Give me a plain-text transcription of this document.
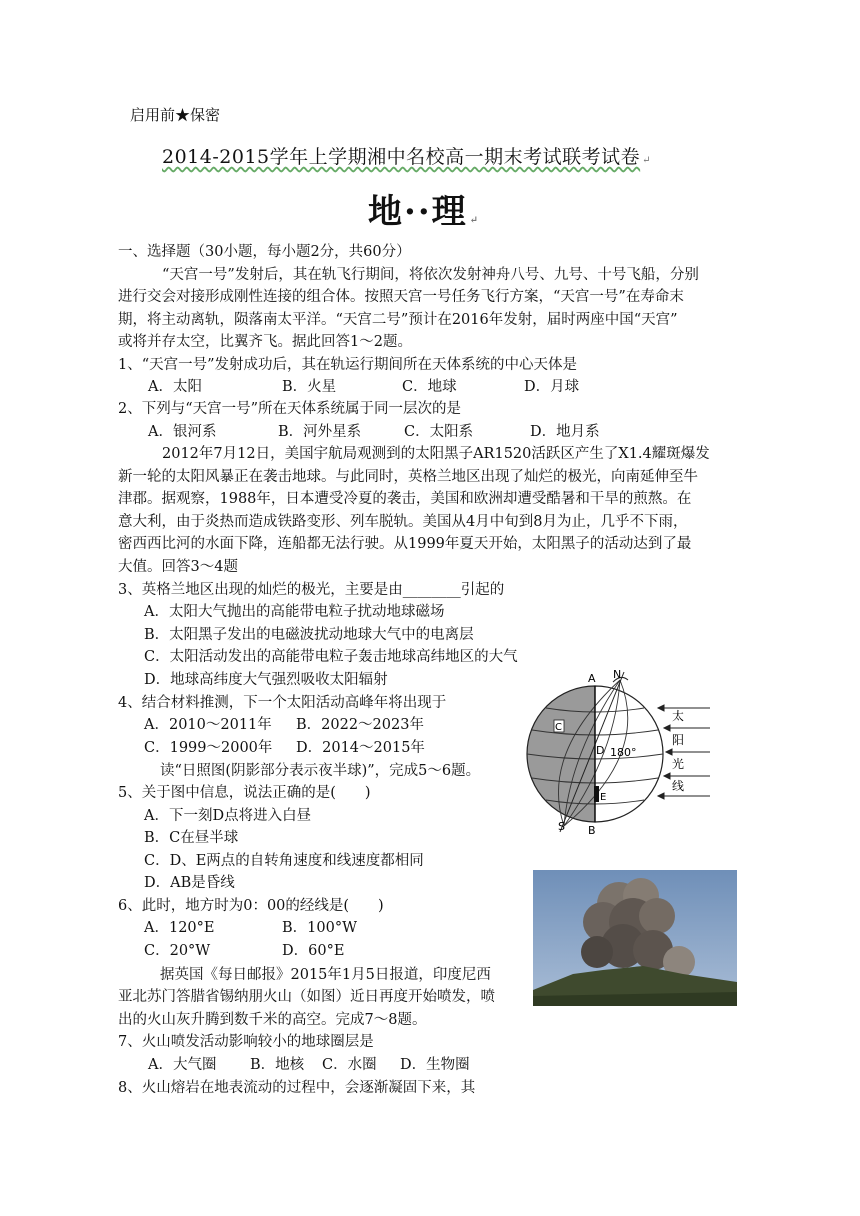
启用前★保密
2014-2015学年上学期湘中名校高一期末考试联考试卷 ↵
地··理 ↵
一、选择题（30小题，每小题2分，共60分）
“天宫一号”发射后，其在轨飞行期间，将依次发射神舟八号、九号、十号飞船，分别
进行交会对接形成刚性连接的组合体。按照天宫一号任务飞行方案，“天宫一号”在寿命末
期，将主动离轨，陨落南太平洋。“天宫二号”预计在2016年发射，届时两座中国“天宫”
或将并存太空，比翼齐飞。据此回答1～2题。
1、“天宫一号”发射成功后，其在轨运行期间所在天体系统的中心天体是
A．太阳	B．火星	C．地球	D．月球
2、下列与“天宫一号”所在天体系统属于同一层次的是
A．银河系	B．河外星系	C．太阳系	D．地月系
2012年7月12日，美国宇航局观测到的太阳黑子AR1520活跃区产生了X1.4耀斑爆发
新一轮的太阳风暴正在袭击地球。与此同时，英格兰地区出现了灿烂的极光，向南延伸至牛
津郡。据观察，1988年，日本遭受冷夏的袭击，美国和欧洲却遭受酷暑和干旱的煎熬。在
意大利，由于炎热而造成铁路变形、列车脱轨。美国从4月中旬到8月为止，几乎不下雨，
密西西比河的水面下降，连船都无法行驶。从1999年夏天开始，太阳黑子的活动达到了最
大值。回答3～4题
3、英格兰地区出现的灿烂的极光，主要是由________引起的
A．太阳大气抛出的高能带电粒子扰动地球磁场
B．太阳黑子发出的电磁波扰动地球大气中的电离层
C．太阳活动发出的高能带电粒子轰击地球高纬地区的大气
D．地球高纬度大气强烈吸收太阳辐射
4、结合材料推测，下一个太阳活动高峰年将出现于
A．2010～2011年 B．2022～2023年
C．1999～2000年 D．2014～2015年
读“日照图(阴影部分表示夜半球)”，完成5～6题。
5、关于图中信息，说法正确的是(　　)
A．下一刻D点将进入白昼
B．C在昼半球
C．D、E两点的自转角速度和线速度都相同
D．AB是昏线
6、此时，地方时为0：00的经线是(　　)
A．120°E	B．100°W
C．20°W	D．60°E
据英国《每日邮报》2015年1月5日报道，印度尼西
亚北苏门答腊省锡纳朋火山（如图）近日再度开始喷发，喷
出的火山灰升腾到数千米的高空。完成7～8题。
7、火山喷发活动影响较小的地球圈层是
A．大气圈 B．地核 C．水圈 D．生物圈
8、火山熔岩在地表流动的过程中，会逐渐凝固下来，其
A N
C
D 180°
E
S B
太
阳
光
线
